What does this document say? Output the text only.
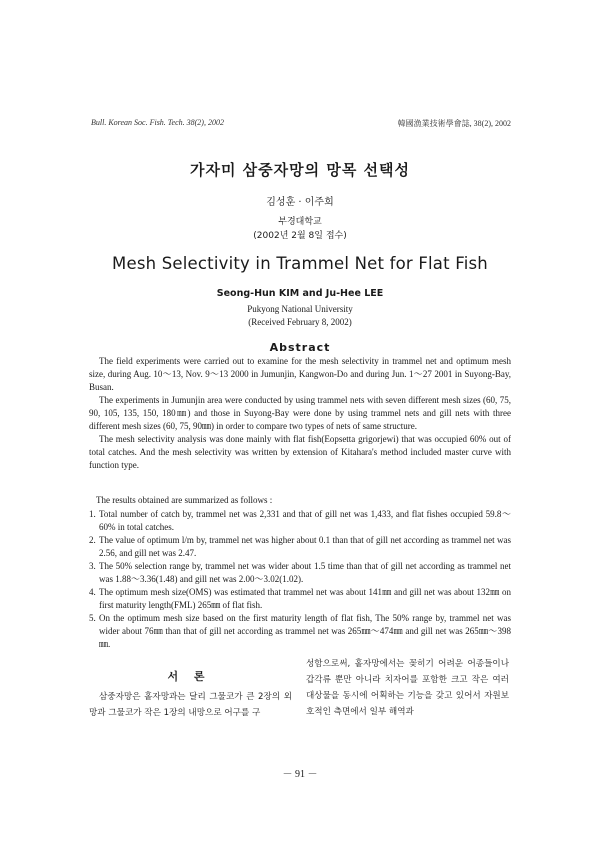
Bull. Korean Soc. Fish. Tech. 38(2), 2002	韓國漁業技術學會誌, 38(2), 2002
가자미 삼중자망의 망목 선택성
김성훈 · 이주희
부경대학교
(2002년 2월 8일 접수)
Mesh Selectivity in Trammel Net for Flat Fish
Seong-Hun KIM and Ju-Hee LEE
Pukyong National University
(Received February 8, 2002)
Abstract

The field experiments were carried out to examine for the mesh selectivity in trammel net and optimum mesh size, during Aug. 10～13, Nov. 9～13 2000 in Jumunjin, Kangwon-Do and during Jun. 1～27 2001 in Suyong-Bay, Busan.

The experiments in Jumunjin area were conducted by using trammel nets with seven different mesh sizes (60, 75, 90, 105, 135, 150, 180㎜) and those in Suyong-Bay were done by using trammel nets and gill nets with three different mesh sizes (60, 75, 90㎜) in order to compare two types of nets of same structure.

The mesh selectivity analysis was done mainly with flat fish(Eopsetta grigorjewi) that was occupied 60% out of total catches. And the mesh selectivity was written by extension of Kitahara's method included master curve with function type.

The results obtained are summarized as follows :
1. Total number of catch by, trammel net was 2,331 and that of gill net was 1,433, and flat fishes occupied 59.8～60% in total catches.
2. The value of optimum l/m by, trammel net was higher about 0.1 than that of gill net according as trammel net was 2.56, and gill net was 2.47.
3. The 50% selection range by, trammel net was wider about 1.5 time than that of gill net according as trammel net was 1.88～3.36(1.48) and gill net was 2.00～3.02(1.02).
4. The optimum mesh size(OMS) was estimated that trammel net was about 141㎜ and gill net was about 132㎜ on first maturity length(FML) 265㎜ of flat fish.
5. On the optimum mesh size based on the first maturity length of flat fish, The 50% range by, trammel net was wider about 76㎜ than that of gill net according as trammel net was 265㎜～474㎜ and gill net was 265㎜～398㎜.
서 론
삼중자망은 홑자망과는 달리 그물코가 큰 2장의 외망과 그물코가 작은 1장의 내망으로 어구를 구
성함으로써, 홑자망에서는 꽂히기 어려운 어종들이나 갑각류 뿐만 아니라 치자어를 포함한 크고 작은 여러 대상물을 동시에 어획하는 기능을 갖고 있어서 자원보호적인 측면에서 일부 해역과
－ 91 －
